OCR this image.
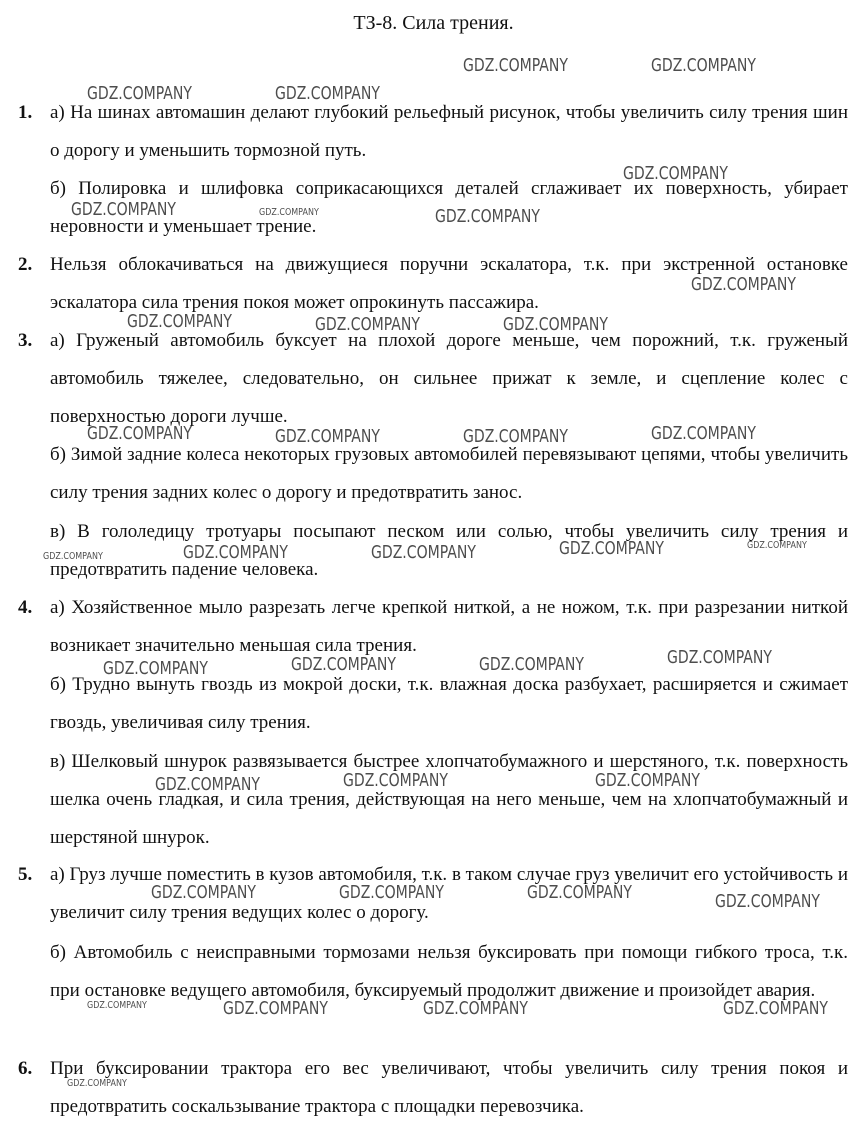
ТЗ-8. Сила трения.
1. а) На шинах автомашин делают глубокий рельефный рисунок, чтобы увеличить силу трения шин о дорогу и уменьшить тормозной путь.
б) Полировка и шлифовка соприкасающихся деталей сглаживает их поверхность, убирает неровности и уменьшает трение.
2. Нельзя облокачиваться на движущиеся поручни эскалатора, т.к. при экстренной остановке эскалатора сила трения покоя может опрокинуть пассажира.
3. а) Груженый автомобиль буксует на плохой дороге меньше, чем порожний, т.к. груженый автомобиль тяжелее, следовательно, он сильнее прижат к земле, и сцепление колес с поверхностью дороги лучше.
б) Зимой задние колеса некоторых грузовых автомобилей перевязывают цепями, чтобы увеличить силу трения задних колес о дорогу и предотвратить занос.
в) В гололедицу тротуары посыпают песком или солью, чтобы увеличить силу трения и предотвратить падение человека.
4. а) Хозяйственное мыло разрезать легче крепкой ниткой, а не ножом, т.к. при разрезании ниткой возникает значительно меньшая сила трения.
б) Трудно вынуть гвоздь из мокрой доски, т.к. влажная доска разбухает, расширяется и сжимает гвоздь, увеличивая силу трения.
в) Шелковый шнурок развязывается быстрее хлопчатобумажного и шерстяного, т.к. поверхность шелка очень гладкая, и сила трения, действующая на него меньше, чем на хлопчатобумажный и шерстяной шнурок.
5. а) Груз лучше поместить в кузов автомобиля, т.к. в таком случае груз увеличит его устойчивость и увеличит силу трения ведущих колес о дорогу.
б) Автомобиль с неисправными тормозами нельзя буксировать при помощи гибкого троса, т.к. при остановке ведущего автомобиля, буксируемый продолжит движение и произойдет авария.
6. При буксировании трактора его вес увеличивают, чтобы увеличить силу трения покоя и предотвратить соскальзывание трактора с площадки перевозчика.
GDZ.COMPANY	GDZ.COMPANY
GDZ.COMPANY	GDZ.COMPANY
GDZ.COMPANY
GDZ.COMPANY	GDZ.COMPANY	GDZ.COMPANY
GDZ.COMPANY
GDZ.COMPANY	GDZ.COMPANY	GDZ.COMPANY
GDZ.COMPANY	GDZ.COMPANY	GDZ.COMPANY	GDZ.COMPANY
GDZ.COMPANY	GDZ.COMPANY	GDZ.COMPANY
GDZ.COMPANY
GDZ.COMPANY
GDZ.COMPANY	GDZ.COMPANY	GDZ.COMPANY	GDZ.COMPANY
GDZ.COMPANY	GDZ.COMPANY	GDZ.COMPANY
GDZ.COMPANY	GDZ.COMPANY	GDZ.COMPANY	GDZ.COMPANY
GDZ.COMPANY	GDZ.COMPANY	GDZ.COMPANY	GDZ.COMPANY
GDZ.COMPANY
